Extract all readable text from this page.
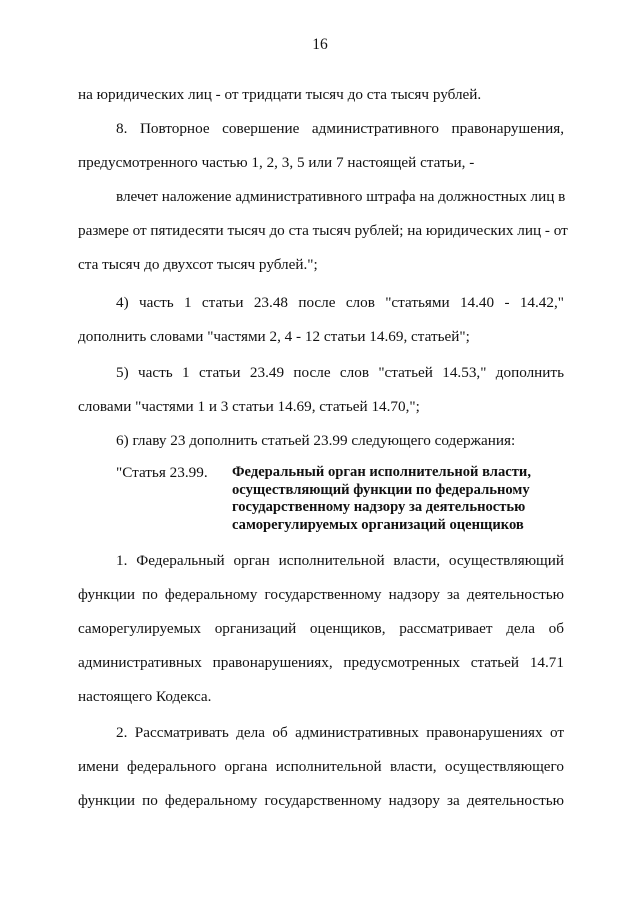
16
на юридических лиц - от тридцати тысяч до ста тысяч рублей.
8. Повторное совершение административного правонарушения,
предусмотренного частью 1, 2, 3, 5 или 7 настоящей статьи, -
влечет наложение административного штрафа на должностных лиц в
размере от пятидесяти тысяч до ста тысяч рублей; на юридических лиц - от
ста тысяч до двухсот тысяч рублей.";
4) часть 1 статьи 23.48 после слов "статьями 14.40 - 14.42,"
дополнить словами "частями 2, 4 - 12 статьи 14.69, статьей";
5) часть 1 статьи 23.49 после слов "статьей 14.53," дополнить
словами "частями 1 и 3 статьи 14.69, статьей 14.70,";
6) главу 23 дополнить статьей 23.99 следующего содержания:
"Статья 23.99. Федеральный орган исполнительной власти,
осуществляющий функции по федеральному
государственному надзору за деятельностью
саморегулируемых организаций оценщиков
1. Федеральный орган исполнительной власти, осуществляющий
функции по федеральному государственному надзору за деятельностью
саморегулируемых организаций оценщиков, рассматривает дела об
административных правонарушениях, предусмотренных статьей 14.71
настоящего Кодекса.
2. Рассматривать дела об административных правонарушениях от
имени федерального органа исполнительной власти, осуществляющего
функции по федеральному государственному надзору за деятельностью
